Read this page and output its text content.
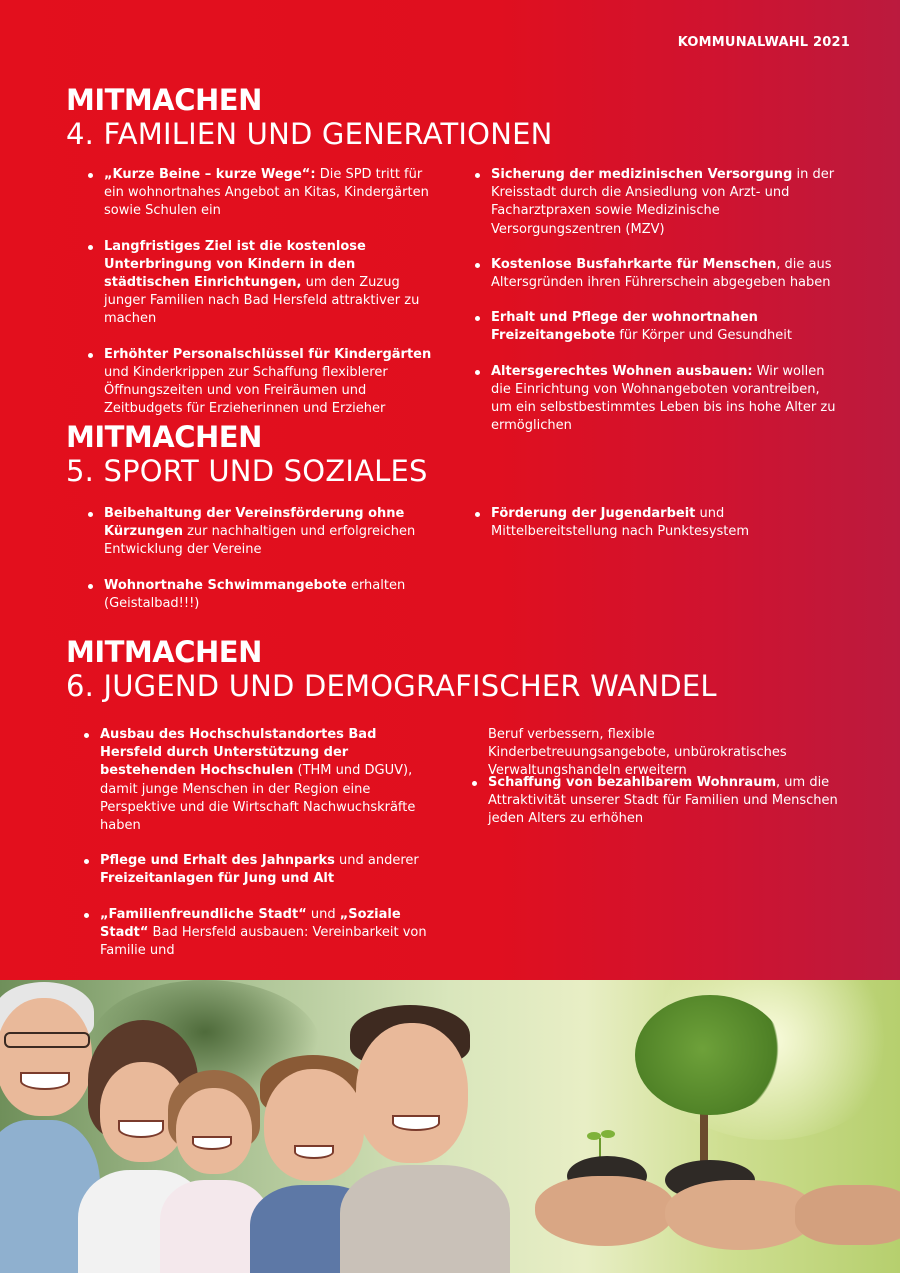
KOMMUNALWAHL 2021
MITMACHEN
4. FAMILIEN UND GENERATIONEN
„Kurze Beine – kurze Wege“: Die SPD tritt für ein wohnortnahes Angebot an Kitas, Kindergärten sowie Schulen ein
Langfristiges Ziel ist die kostenlose Unterbringung von Kindern in den städtischen Einrichtungen, um den Zuzug junger Familien nach Bad Hersfeld attraktiver zu machen
Erhöhter Personalschlüssel für Kindergärten und Kinderkrippen zur Schaffung flexiblerer Öffnungszeiten und von Freiräumen und Zeitbudgets für Erzieherinnen und Erzieher
Sicherung der medizinischen Versorgung in der Kreisstadt durch die Ansiedlung von Arzt- und Facharztpraxen sowie Medizinische Versorgungszentren (MZV)
Kostenlose Busfahrkarte für Menschen, die aus Altersgründen ihren Führerschein abgegeben haben
Erhalt und Pflege der wohnortnahen Freizeitangebote für Körper und Gesundheit
Altersgerechtes Wohnen ausbauen: Wir wollen die Einrichtung von Wohnangeboten vorantreiben, um ein selbstbestimmtes Leben bis ins hohe Alter zu ermöglichen
MITMACHEN
5. SPORT UND SOZIALES
Beibehaltung der Vereinsförderung ohne Kürzungen zur nachhaltigen und erfolgreichen Entwicklung der Vereine
Wohnortnahe Schwimmangebote erhalten (Geistalbad!!!)
Förderung der Jugendarbeit und Mittelbereitstellung nach Punktesystem
MITMACHEN
6. JUGEND UND DEMOGRAFISCHER WANDEL
Ausbau des Hochschulstandortes Bad Hersfeld durch Unterstützung der bestehenden Hochschulen (THM und DGUV), damit junge Menschen in der Region eine Perspektive und die Wirtschaft Nachwuchskräfte haben
Pflege und Erhalt des Jahnparks und anderer Freizeitanlagen für Jung und Alt
„Familienfreundliche Stadt“ und „Soziale Stadt“ Bad Hersfeld ausbauen: Vereinbarkeit von Familie und
Beruf verbessern, flexible Kinderbetreuungsangebote, unbürokratisches Verwaltungshandeln erweitern
Schaffung von bezahlbarem Wohnraum, um die Attraktivität unserer Stadt für Familien und Menschen jeden Alters zu erhöhen
